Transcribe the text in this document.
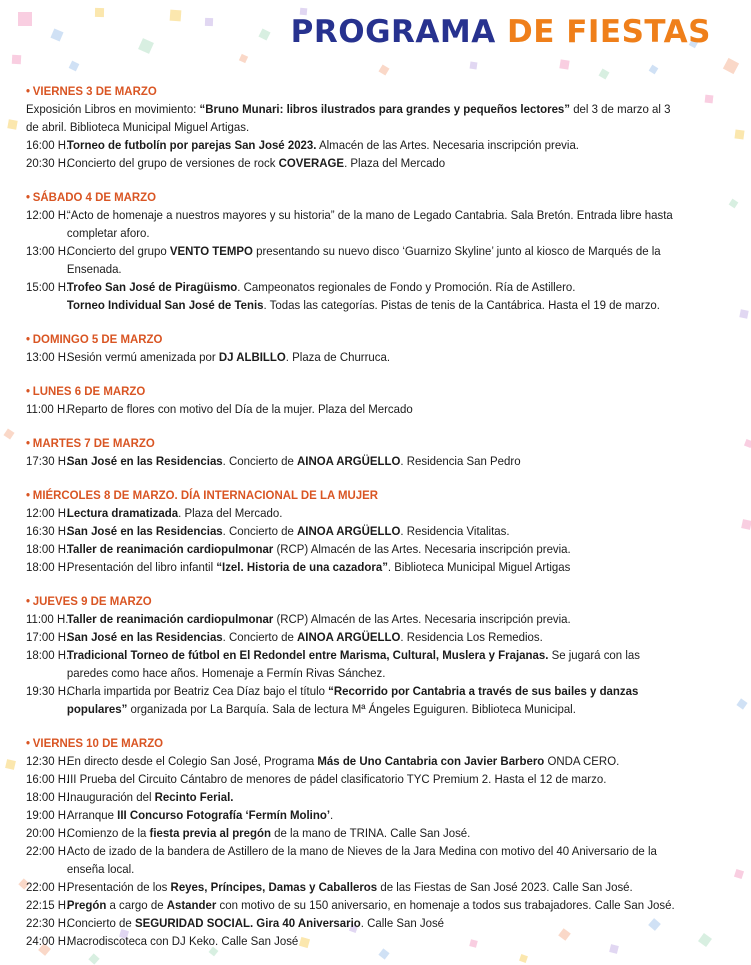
PROGRAMA DE FIESTAS
• VIERNES 3 DE MARZO
Exposición Libros en movimiento: “Bruno Munari: libros ilustrados para grandes y pequeños lectores” del 3 de marzo al 3 de abril. Biblioteca Municipal Miguel Artigas.
16:00 H.
Torneo de futbolín por parejas San José 2023. Almacén de las Artes. Necesaria inscripción previa.
20:30 H.
Concierto del grupo de versiones de rock COVERAGE. Plaza del Mercado
• SÁBADO 4 DE MARZO
12:00 H.
“Acto de homenaje a nuestros mayores y su historia” de la mano de Legado Cantabria. Sala Bretón. Entrada libre hasta completar aforo.
13:00 H.
Concierto del grupo VENTO TEMPO presentando su nuevo disco ‘Guarnizo Skyline’ junto al kiosco de Marqués de la Ensenada.
15:00 H.
Trofeo San José de Piragüismo. Campeonatos regionales de Fondo y Promoción. Ría de Astillero.
Torneo Individual San José de Tenis. Todas las categorías. Pistas de tenis de la Cantábrica. Hasta el 19 de marzo.
• DOMINGO 5 DE MARZO
13:00 H.
Sesión vermú amenizada por DJ ALBILLO. Plaza de Churruca.
• LUNES 6 DE MARZO
11:00 H.
Reparto de flores con motivo del Día de la mujer. Plaza del Mercado
• MARTES 7 DE MARZO
17:30 H.
San José en las Residencias. Concierto de AINOA ARGÜELLO. Residencia San Pedro
• MIÉRCOLES 8 DE MARZO. DÍA INTERNACIONAL DE LA MUJER
12:00 H.
Lectura dramatizada. Plaza del Mercado.
16:30 H.
San José en las Residencias. Concierto de AINOA ARGÜELLO. Residencia Vitalitas.
18:00 H.
Taller de reanimación cardiopulmonar (RCP) Almacén de las Artes. Necesaria inscripción previa.
18:00 H.
Presentación del libro infantil “Izel. Historia de una cazadora”. Biblioteca Municipal Miguel Artigas
• JUEVES 9 DE MARZO
11:00 H.
Taller de reanimación cardiopulmonar (RCP) Almacén de las Artes. Necesaria inscripción previa.
17:00 H.
San José en las Residencias. Concierto de AINOA ARGÜELLO. Residencia Los Remedios.
18:00 H.
Tradicional Torneo de fútbol en El Redondel entre Marisma, Cultural, Muslera y Frajanas. Se jugará con las paredes como hace años. Homenaje a Fermín Rivas Sánchez.
19:30 H.
Charla impartida por Beatriz Cea Díaz bajo el título “Recorrido por Cantabria a través de sus bailes y danzas populares” organizada por La Barquía. Sala de lectura Mª Ángeles Eguiguren. Biblioteca Municipal.
• VIERNES 10 DE MARZO
12:30 H.
En directo desde el Colegio San José, Programa Más de Uno Cantabria con Javier Barbero ONDA CERO.
16:00 H.
III Prueba del Circuito Cántabro de menores de pádel clasificatorio TYC Premium 2. Hasta el 12 de marzo.
18:00 H.
Inauguración del Recinto Ferial.
19:00 H.
Arranque III Concurso Fotografía ‘Fermín Molino’.
20:00 H.
Comienzo de la fiesta previa al pregón de la mano de TRINA. Calle San José.
22:00 H.
Acto de izado de la bandera de Astillero de la mano de Nieves de la Jara Medina con motivo del 40 Aniversario de la enseña local.
22:00 H.
Presentación de los Reyes, Príncipes, Damas y Caballeros de las Fiestas de San José 2023. Calle San José.
22:15 H.
Pregón a cargo de Astander con motivo de su 150 aniversario, en homenaje a todos sus trabajadores. Calle San José.
22:30 H.
Concierto de SEGURIDAD SOCIAL. Gira 40 Aniversario. Calle San José
24:00 H.
Macrodiscoteca con DJ Keko. Calle San José
